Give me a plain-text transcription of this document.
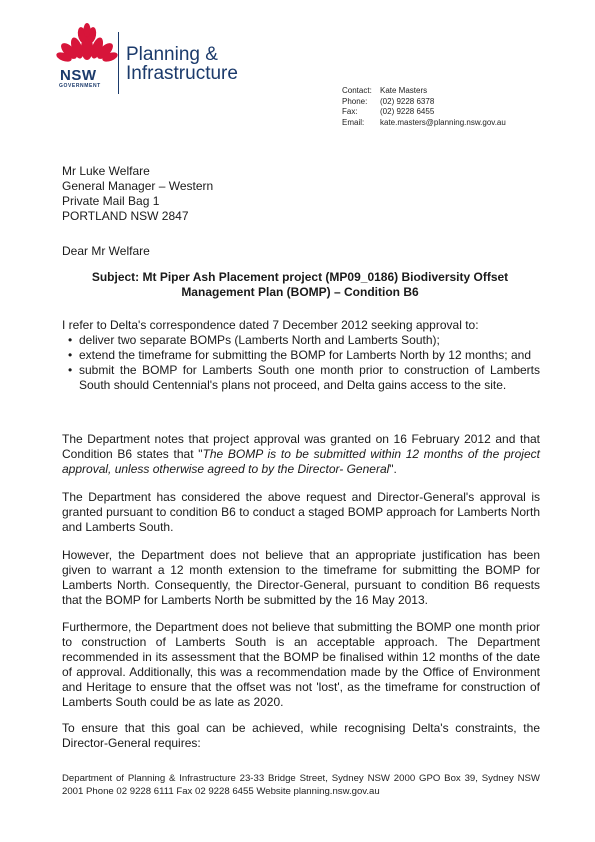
NSW
GOVERNMENT
Planning &
Infrastructure
Contact:	Kate Masters
Phone:	(02) 9228 6378
Fax:	(02) 9228 6455
Email:	kate.masters@planning.nsw.gov.au
Mr Luke Welfare
General Manager – Western
Private Mail Bag 1
PORTLAND NSW 2847
Dear Mr Welfare
Subject: Mt Piper Ash Placement project (MP09_0186) Biodiversity Offset
Management Plan (BOMP) – Condition B6
I refer to Delta's correspondence dated 7 December 2012 seeking approval to:
• deliver two separate BOMPs (Lamberts North and Lamberts South);
• extend the timeframe for submitting the BOMP for Lamberts North by 12 months; and
• submit the BOMP for Lamberts South one month prior to construction of Lamberts South should Centennial's plans not proceed, and Delta gains access to the site.
The Department notes that project approval was granted on 16 February 2012 and that Condition B6 states that "The BOMP is to be submitted within 12 months of the project approval, unless otherwise agreed to by the Director- General".
The Department has considered the above request and Director-General's approval is granted pursuant to condition B6 to conduct a staged BOMP approach for Lamberts North and Lamberts South.
However, the Department does not believe that an appropriate justification has been given to warrant a 12 month extension to the timeframe for submitting the BOMP for Lamberts North. Consequently, the Director-General, pursuant to condition B6 requests that the BOMP for Lamberts North be submitted by the 16 May 2013.
Furthermore, the Department does not believe that submitting the BOMP one month prior to construction of Lamberts South is an acceptable approach. The Department recommended in its assessment that the BOMP be finalised within 12 months of the date of approval. Additionally, this was a recommendation made by the Office of Environment and Heritage to ensure that the offset was not 'lost', as the timeframe for construction of Lamberts South could be as late as 2020.
To ensure that this goal can be achieved, while recognising Delta's constraints, the Director-General requires:
Department of Planning & Infrastructure 23-33 Bridge Street, Sydney NSW 2000 GPO Box 39, Sydney NSW 2001 Phone 02 9228 6111 Fax 02 9228 6455 Website planning.nsw.gov.au
